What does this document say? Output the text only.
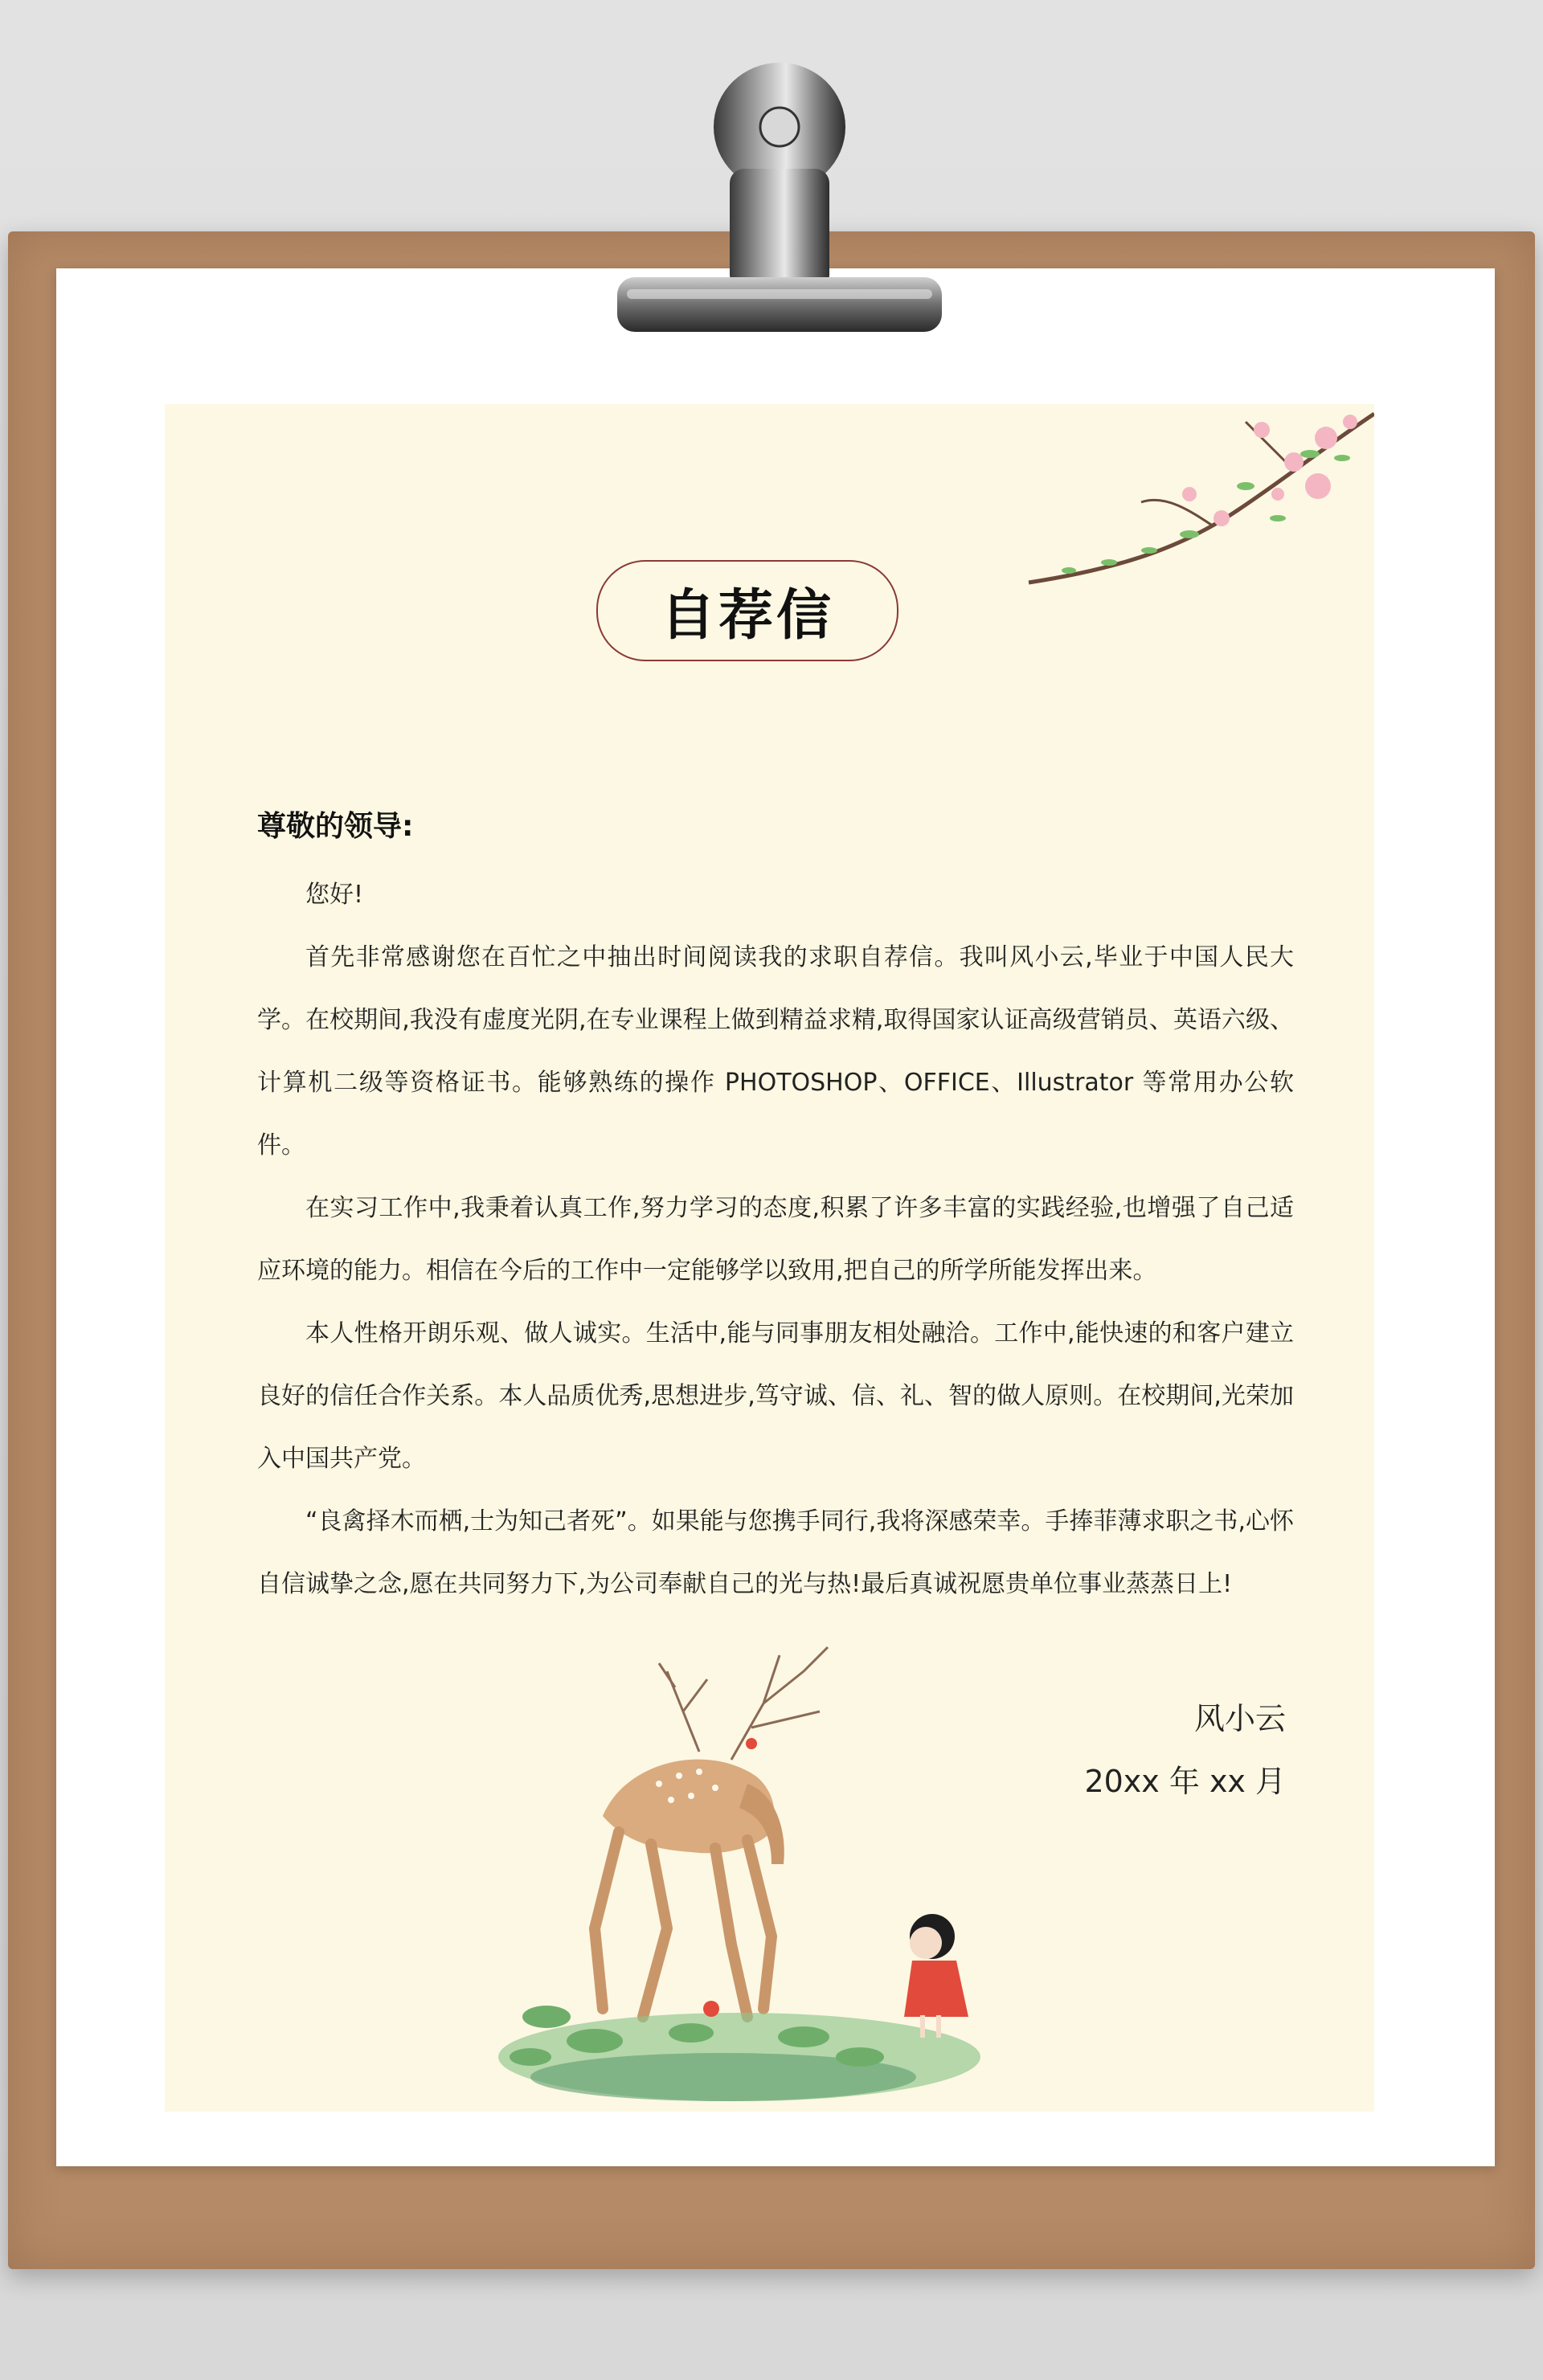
自荐信
尊敬的领导:

您好!

首先非常感谢您在百忙之中抽出时间阅读我的求职自荐信。我叫风小云,毕业于中国人民大学。在校期间,我没有虚度光阴,在专业课程上做到精益求精,取得国家认证高级营销员、英语六级、计算机二级等资格证书。能够熟练的操作 PHOTOSHOP、OFFICE、Illustrator 等常用办公软件。

在实习工作中,我秉着认真工作,努力学习的态度,积累了许多丰富的实践经验,也增强了自己适应环境的能力。相信在今后的工作中一定能够学以致用,把自己的所学所能发挥出来。

本人性格开朗乐观、做人诚实。生活中,能与同事朋友相处融洽。工作中,能快速的和客户建立良好的信任合作关系。本人品质优秀,思想进步,笃守诚、信、礼、智的做人原则。在校期间,光荣加入中国共产党。

“良禽择木而栖,士为知己者死”。如果能与您携手同行,我将深感荣幸。手捧菲薄求职之书,心怀自信诚挚之念,愿在共同努力下,为公司奉献自己的光与热!最后真诚祝愿贵单位事业蒸蒸日上!

风小云
20xx 年 xx 月
